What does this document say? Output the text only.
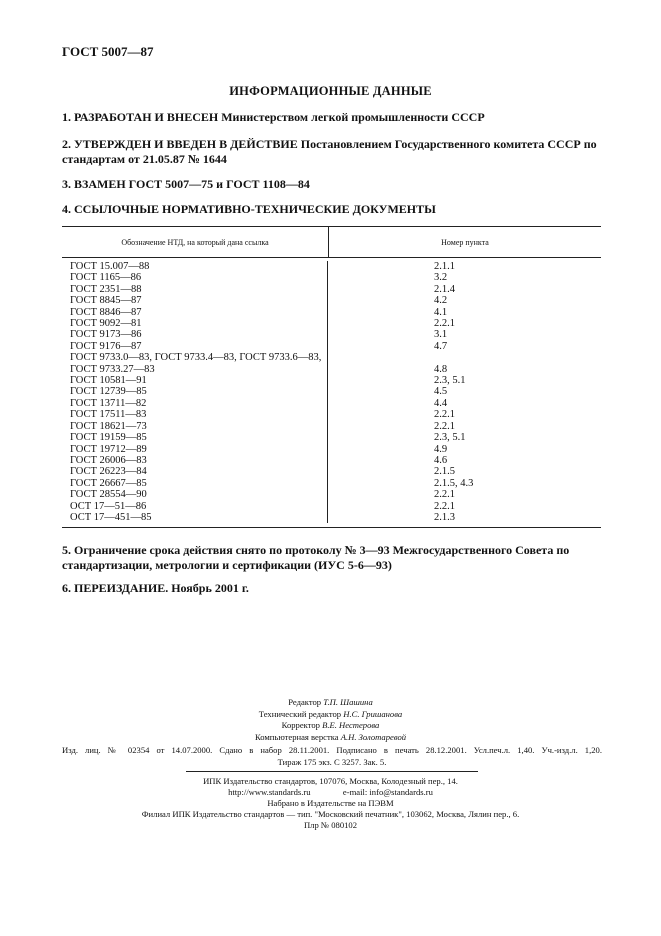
ГОСТ 5007—87
ИНФОРМАЦИОННЫЕ ДАННЫЕ
1. РАЗРАБОТАН И ВНЕСЕН Министерством легкой промышленности СССР
2. УТВЕРЖДЕН И ВВЕДЕН В ДЕЙСТВИЕ Постановлением Государственного комитета СССР по стандартам от 21.05.87 № 1644
3. ВЗАМЕН ГОСТ 5007—75 и ГОСТ 1108—84
4. ССЫЛОЧНЫЕ НОРМАТИВНО-ТЕХНИЧЕСКИЕ ДОКУМЕНТЫ
Обозначение НТД, на который дана ссылка	Номер пункта
ГОСТ 15.007—88
ГОСТ 1165—86
ГОСТ 2351—88
ГОСТ 8845—87
ГОСТ 8846—87
ГОСТ 9092—81
ГОСТ 9173—86
ГОСТ 9176—87
ГОСТ 9733.0—83, ГОСТ 9733.4—83, ГОСТ 9733.6—83,
ГОСТ 9733.27—83
ГОСТ 10581—91
ГОСТ 12739—85
ГОСТ 13711—82
ГОСТ 17511—83
ГОСТ 18621—73
ГОСТ 19159—85
ГОСТ 19712—89
ГОСТ 26006—83
ГОСТ 26223—84
ГОСТ 26667—85
ГОСТ 28554—90
ОСТ 17—51—86
ОСТ 17—451—85
2.1.1
3.2
2.1.4
4.2
4.1
2.2.1
3.1
4.7

4.8
2.3, 5.1
4.5
4.4
2.2.1
2.2.1
2.3, 5.1
4.9
4.6
2.1.5
2.1.5, 4.3
2.2.1
2.2.1
2.1.3
5. Ограничение срока действия снято по протоколу № 3—93 Межгосударственного Совета по стандартизации, метрологии и сертификации (ИУС 5-6—93)
6. ПЕРЕИЗДАНИЕ. Ноябрь 2001 г.
Редактор Т.П. Шашина
Технический редактор Н.С. Гришанова
Корректор В.Е. Нестерова
Компьютерная верстка А.Н. Золотаревой
Изд. лиц. № 02354 от 14.07.2000. Сдано в набор 28.11.2001. Подписано в печать 28.12.2001. Усл.печ.л. 1,40. Уч.-изд.л. 1,20.
Тираж 175 экз. С 3257. Зак. 5.
ИПК Издательство стандартов, 107076, Москва, Колодезный пер., 14.
http://www.standards.ru	e-mail: info@standards.ru
Набрано в Издательстве на ПЭВМ
Филиал ИПК Издательство стандартов — тип. "Московский печатник", 103062, Москва, Лялин пер., 6.
Плр № 080102
